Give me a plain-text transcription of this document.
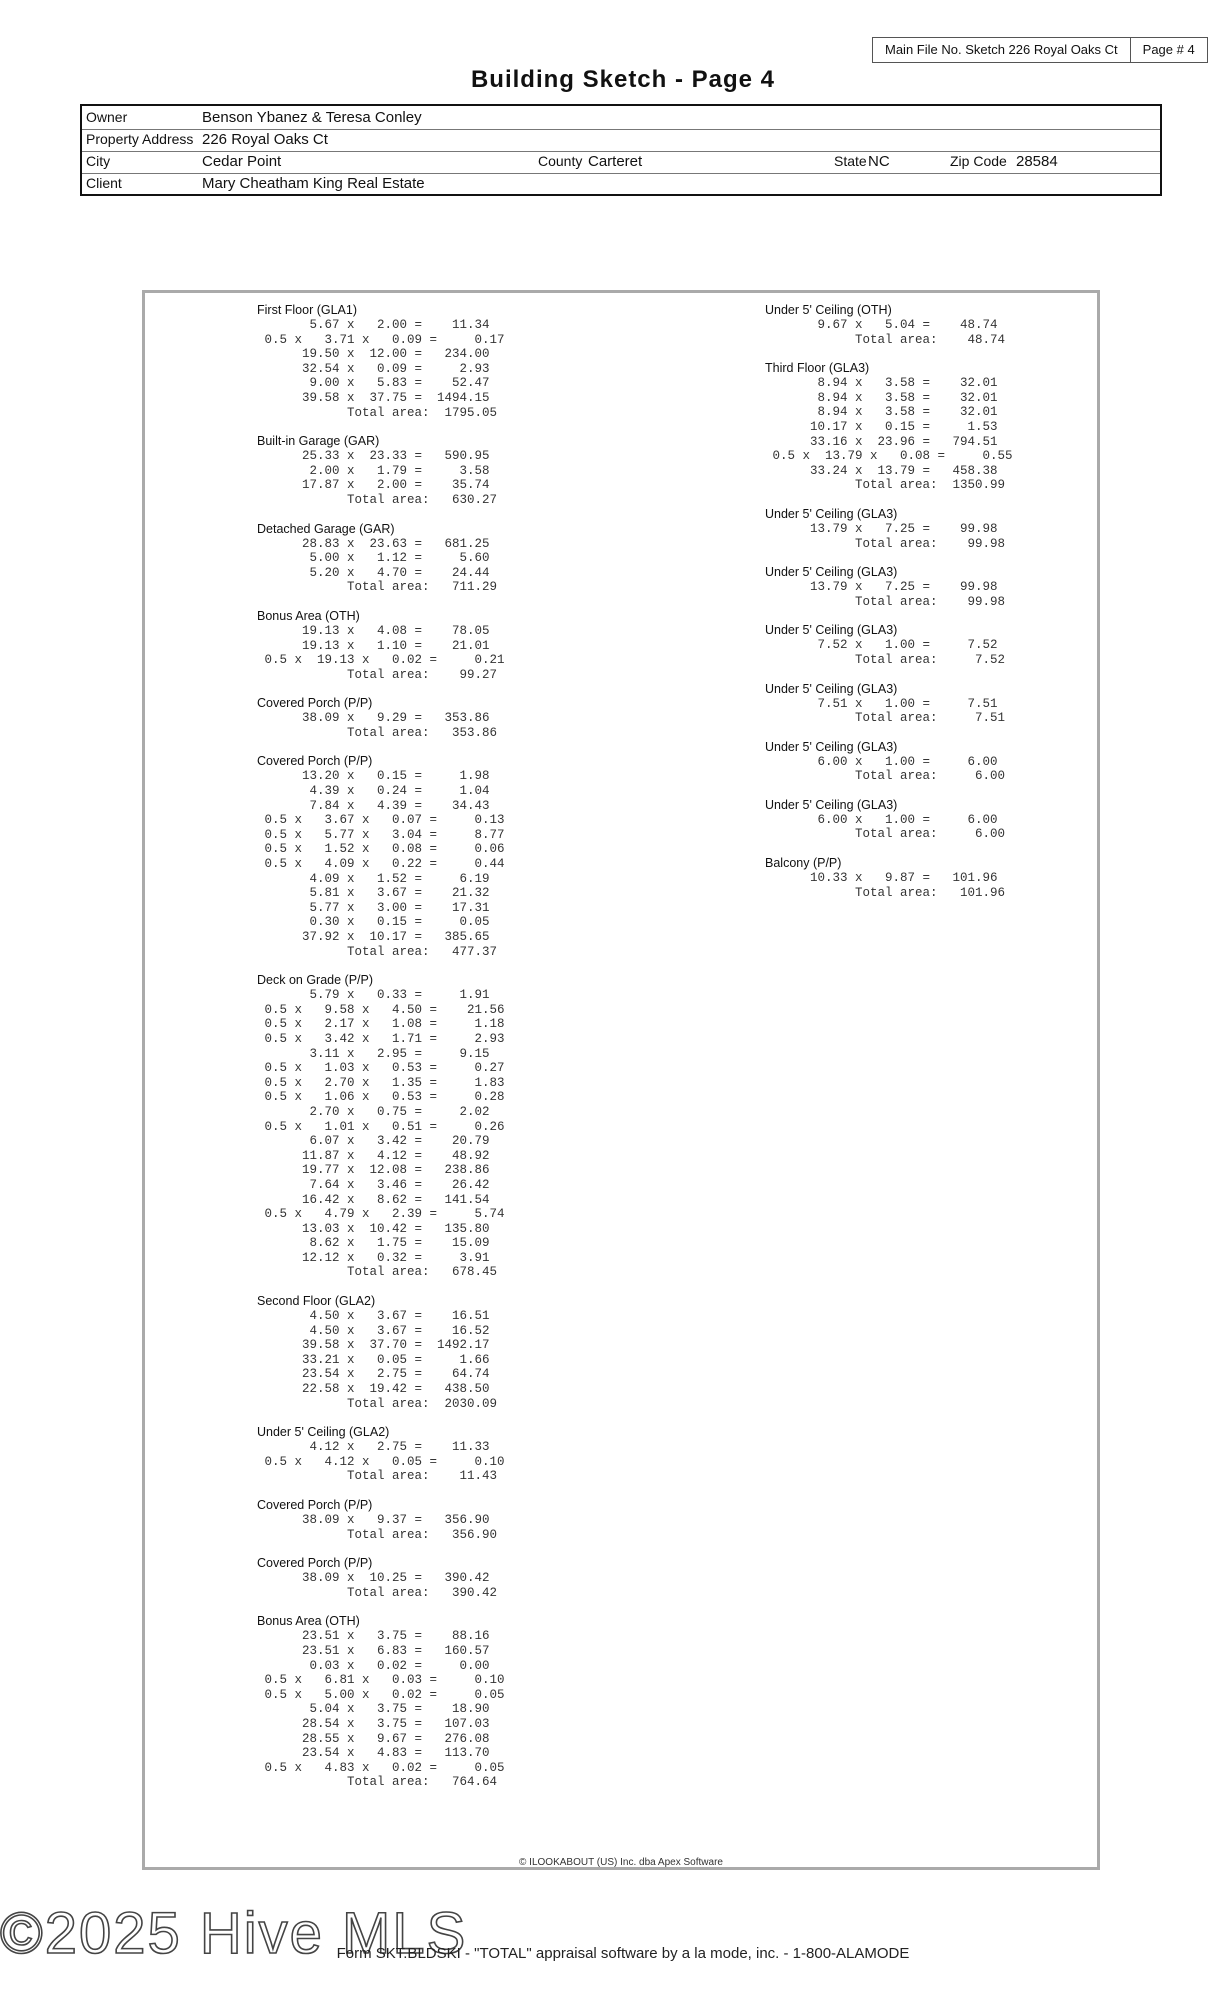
Main File No. Sketch 226 Royal Oaks Ct	Page # 4
Building Sketch - Page 4
Owner	Benson Ybanez & Teresa Conley
Property Address 226 Royal Oaks Ct
City	Cedar Point	County Carteret	State NC	Zip Code 28584
Client	Mary Cheatham King Real Estate
First Floor (GLA1)
5.67 x   2.00 =    11.34
0.5 x   3.71 x   0.09 =     0.17
19.50 x  12.00 =   234.00
32.54 x   0.09 =     2.93
9.00 x   5.83 =    52.47
39.58 x  37.75 =  1494.15
Total area:  1795.05
Built-in Garage (GAR)
25.33 x  23.33 =   590.95
2.00 x   1.79 =     3.58
17.87 x   2.00 =    35.74
Total area:   630.27
Detached Garage (GAR)
28.83 x  23.63 =   681.25
5.00 x   1.12 =     5.60
5.20 x   4.70 =    24.44
Total area:   711.29
Bonus Area (OTH)
19.13 x   4.08 =    78.05
19.13 x   1.10 =    21.01
0.5 x  19.13 x   0.02 =     0.21
Total area:    99.27
Covered Porch (P/P)
38.09 x   9.29 =   353.86
Total area:   353.86
Covered Porch (P/P)
13.20 x   0.15 =     1.98
4.39 x   0.24 =     1.04
7.84 x   4.39 =    34.43
0.5 x   3.67 x   0.07 =     0.13
0.5 x   5.77 x   3.04 =     8.77
0.5 x   1.52 x   0.08 =     0.06
0.5 x   4.09 x   0.22 =     0.44
4.09 x   1.52 =     6.19
5.81 x   3.67 =    21.32
5.77 x   3.00 =    17.31
0.30 x   0.15 =     0.05
37.92 x  10.17 =   385.65
Total area:   477.37
Deck on Grade (P/P)
5.79 x   0.33 =     1.91
0.5 x   9.58 x   4.50 =    21.56
0.5 x   2.17 x   1.08 =     1.18
0.5 x   3.42 x   1.71 =     2.93
3.11 x   2.95 =     9.15
0.5 x   1.03 x   0.53 =     0.27
0.5 x   2.70 x   1.35 =     1.83
0.5 x   1.06 x   0.53 =     0.28
2.70 x   0.75 =     2.02
0.5 x   1.01 x   0.51 =     0.26
6.07 x   3.42 =    20.79
11.87 x   4.12 =    48.92
19.77 x  12.08 =   238.86
7.64 x   3.46 =    26.42
16.42 x   8.62 =   141.54
0.5 x   4.79 x   2.39 =     5.74
13.03 x  10.42 =   135.80
8.62 x   1.75 =    15.09
12.12 x   0.32 =     3.91
Total area:   678.45
Second Floor (GLA2)
4.50 x   3.67 =    16.51
4.50 x   3.67 =    16.52
39.58 x  37.70 =  1492.17
33.21 x   0.05 =     1.66
23.54 x   2.75 =    64.74
22.58 x  19.42 =   438.50
Total area:  2030.09
Under 5' Ceiling (GLA2)
4.12 x   2.75 =    11.33
0.5 x   4.12 x   0.05 =     0.10
Total area:    11.43
Covered Porch (P/P)
38.09 x   9.37 =   356.90
Total area:   356.90
Covered Porch (P/P)
38.09 x  10.25 =   390.42
Total area:   390.42
Bonus Area (OTH)
23.51 x   3.75 =    88.16
23.51 x   6.83 =   160.57
0.03 x   0.02 =     0.00
0.5 x   6.81 x   0.03 =     0.10
0.5 x   5.00 x   0.02 =     0.05
5.04 x   3.75 =    18.90
28.54 x   3.75 =   107.03
28.55 x   9.67 =   276.08
23.54 x   4.83 =   113.70
0.5 x   4.83 x   0.02 =     0.05
Total area:   764.64
Under 5' Ceiling (OTH)
9.67 x   5.04 =    48.74
Total area:    48.74
Third Floor (GLA3)
8.94 x   3.58 =    32.01
8.94 x   3.58 =    32.01
8.94 x   3.58 =    32.01
10.17 x   0.15 =     1.53
33.16 x  23.96 =   794.51
0.5 x  13.79 x   0.08 =     0.55
33.24 x  13.79 =   458.38
Total area:  1350.99
Under 5' Ceiling (GLA3)
13.79 x   7.25 =    99.98
Total area:    99.98
Under 5' Ceiling (GLA3)
13.79 x   7.25 =    99.98
Total area:    99.98
Under 5' Ceiling (GLA3)
7.52 x   1.00 =     7.52
Total area:     7.52
Under 5' Ceiling (GLA3)
7.51 x   1.00 =     7.51
Total area:     7.51
Under 5' Ceiling (GLA3)
6.00 x   1.00 =     6.00
Total area:     6.00
Under 5' Ceiling (GLA3)
6.00 x   1.00 =     6.00
Total area:     6.00
Balcony (P/P)
10.33 x   9.87 =   101.96
Total area:   101.96
© ILOOKABOUT (US) Inc. dba Apex Software
©2025 Hive MLS
Form SKT.BLDSKI - "TOTAL" appraisal software by a la mode, inc. - 1-800-ALAMODE
